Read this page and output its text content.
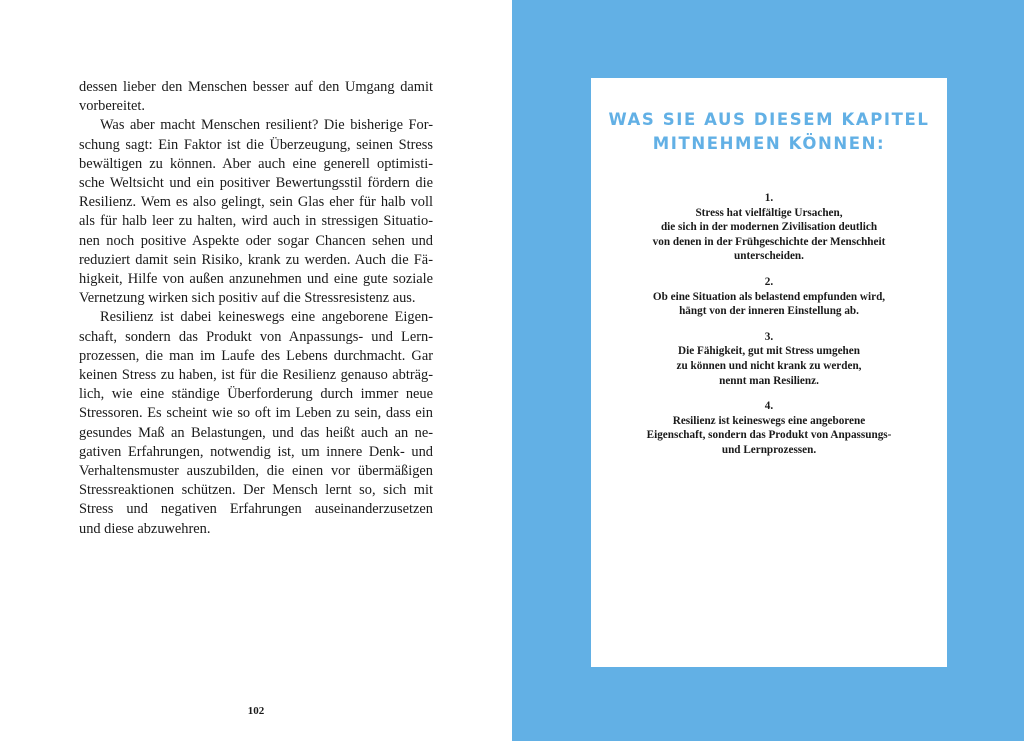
dessen lieber den Menschen besser auf den Umgang damit
vorbereitet.
Was aber macht Menschen resilient? Die bisherige For-
schung sagt: Ein Faktor ist die Überzeugung, seinen Stress
bewältigen zu können. Aber auch eine generell optimisti-
sche Weltsicht und ein positiver Bewertungsstil fördern die
Resilienz. Wem es also gelingt, sein Glas eher für halb voll
als für halb leer zu halten, wird auch in stressigen Situatio-
nen noch positive Aspekte oder sogar Chancen sehen und
reduziert damit sein Risiko, krank zu werden. Auch die Fä-
higkeit, Hilfe von außen anzunehmen und eine gute soziale
Vernetzung wirken sich positiv auf die Stressresistenz aus.
Resilienz ist dabei keineswegs eine angeborene Eigen-
schaft, sondern das Produkt von Anpassungs- und Lern-
prozessen, die man im Laufe des Lebens durchmacht. Gar
keinen Stress zu haben, ist für die Resilienz genauso abträg-
lich, wie eine ständige Überforderung durch immer neue
Stressoren. Es scheint wie so oft im Leben zu sein, dass ein
gesundes Maß an Belastungen, und das heißt auch an ne-
gativen Erfahrungen, notwendig ist, um innere Denk- und
Verhaltensmuster auszubilden, die einen vor übermäßigen
Stressreaktionen schützen. Der Mensch lernt so, sich mit
Stress und negativen Erfahrungen auseinanderzusetzen
und diese abzuwehren.
102
WAS SIE AUS DIESEM KAPITEL
MITNEHMEN KÖNNEN:
1.
Stress hat vielfältige Ursachen,
die sich in der modernen Zivilisation deutlich
von denen in der Frühgeschichte der Menschheit
unterscheiden.
2.
Ob eine Situation als belastend empfunden wird,
hängt von der inneren Einstellung ab.
3.
Die Fähigkeit, gut mit Stress umgehen
zu können und nicht krank zu werden,
nennt man Resilienz.
4.
Resilienz ist keineswegs eine angeborene
Eigenschaft, sondern das Produkt von Anpassungs-
und Lernprozessen.
